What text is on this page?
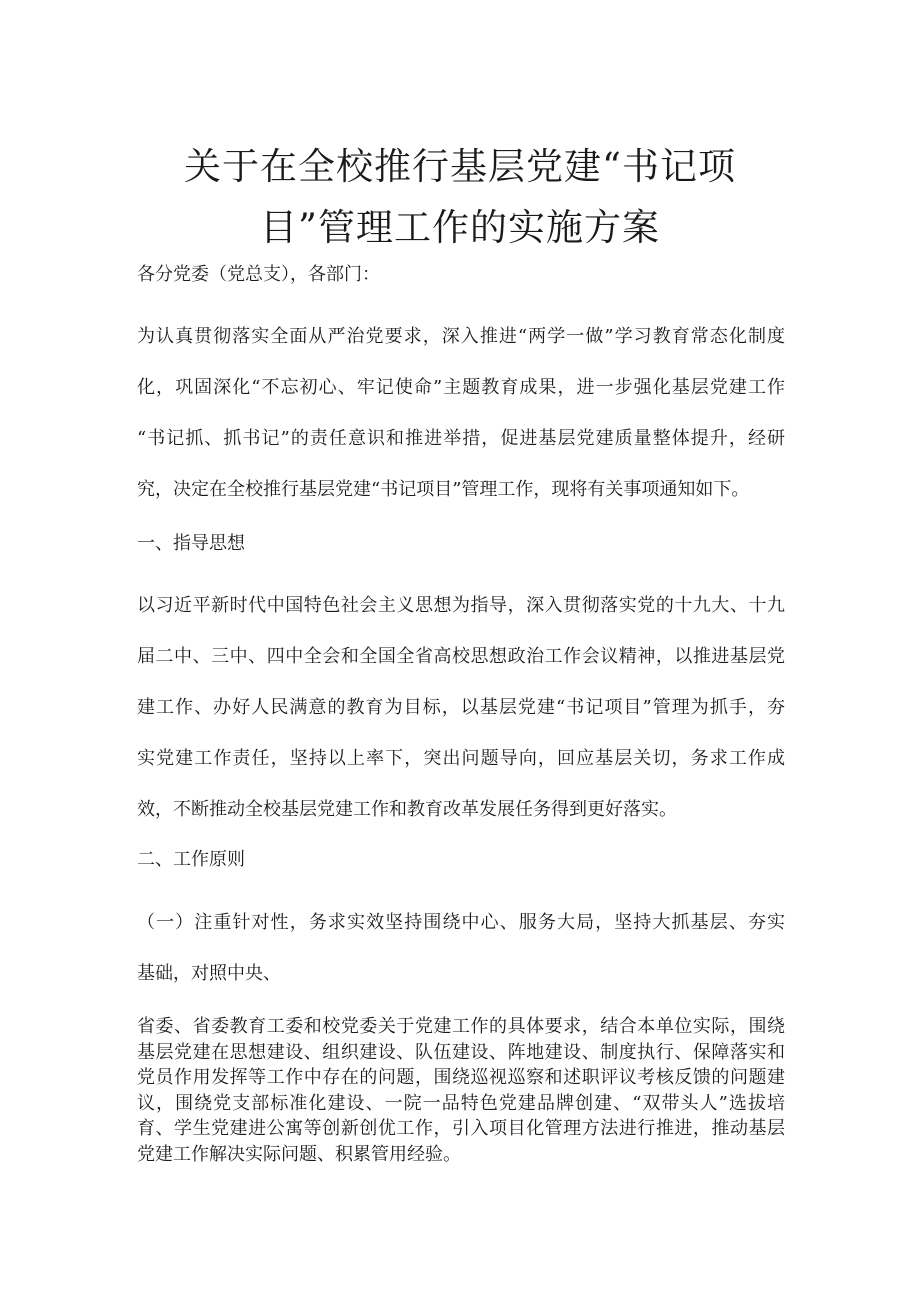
关于在全校推行基层党建“书记项
目”管理工作的实施方案

各分党委（党总支），各部门：

为认真贯彻落实全面从严治党要求，深入推进“两学一做”学习教育常态化制度
化，巩固深化“不忘初心、牢记使命”主题教育成果，进一步强化基层党建工作
“书记抓、抓书记”的责任意识和推进举措，促进基层党建质量整体提升，经研
究，决定在全校推行基层党建“书记项目”管理工作，现将有关事项通知如下。

一、指导思想

以习近平新时代中国特色社会主义思想为指导，深入贯彻落实党的十九大、十九
届二中、三中、四中全会和全国全省高校思想政治工作会议精神，以推进基层党
建工作、办好人民满意的教育为目标，以基层党建“书记项目”管理为抓手，夯
实党建工作责任，坚持以上率下，突出问题导向，回应基层关切，务求工作成
效，不断推动全校基层党建工作和教育改革发展任务得到更好落实。

二、工作原则

（一）注重针对性，务求实效坚持围绕中心、服务大局，坚持大抓基层、夯实
基础，对照中央、
省委、省委教育工委和校党委关于党建工作的具体要求，结合本单位实际，围绕
基层党建在思想建设、组织建设、队伍建设、阵地建设、制度执行、保障落实和
党员作用发挥等工作中存在的问题，围绕巡视巡察和述职评议考核反馈的问题建
议，围绕党支部标准化建设、一院一品特色党建品牌创建、“双带头人”选拔培
育、学生党建进公寓等创新创优工作，引入项目化管理方法进行推进，推动基层
党建工作解决实际问题、积累管用经验。
